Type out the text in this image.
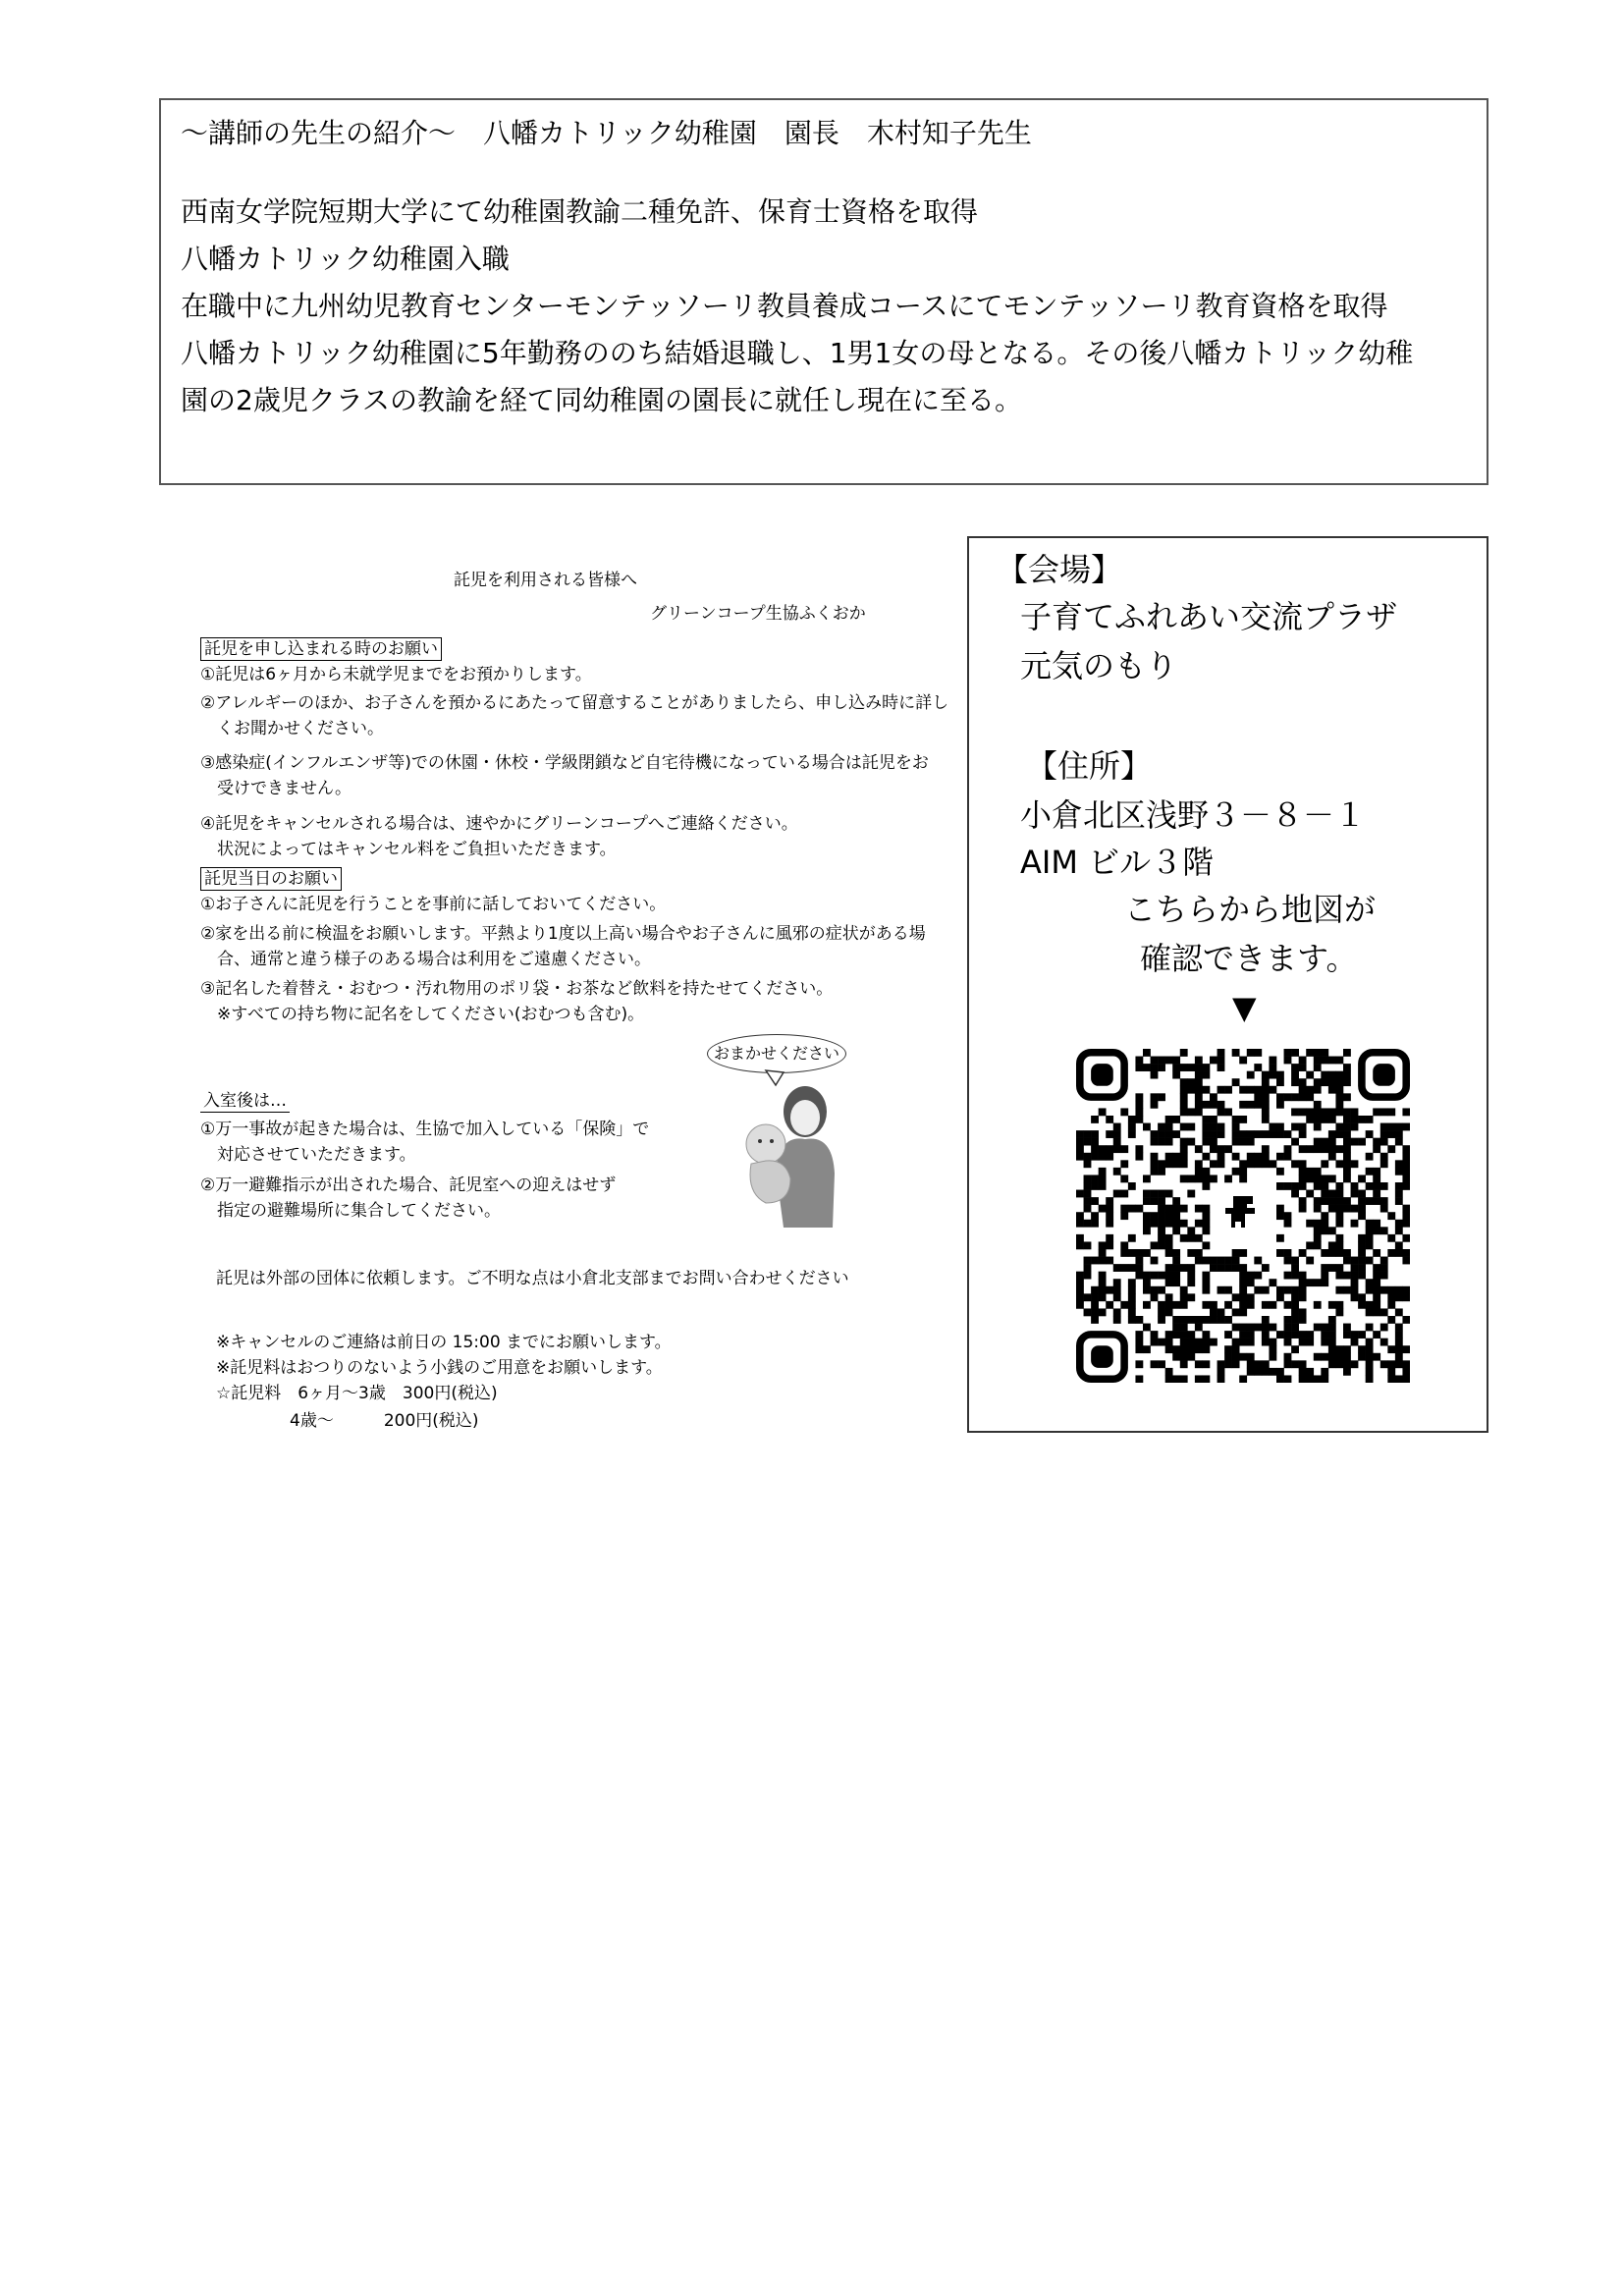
～講師の先生の紹介～　八幡カトリック幼稚園　園長　木村知子先生

西南女学院短期大学にて幼稚園教諭二種免許、保育士資格を取得

八幡カトリック幼稚園入職

在職中に九州幼児教育センターモンテッソーリ教員養成コースにてモンテッソーリ教育資格を取得

八幡カトリック幼稚園に5年勤務ののち結婚退職し、1男1女の母となる。その後八幡カトリック幼稚

園の2歳児クラスの教諭を経て同幼稚園の園長に就任し現在に至る。

託児を利用される皆様へ
グリーンコープ生協ふくおか
託児を申し込まれる時のお願い
①託児は6ヶ月から未就学児までをお預かりします。
②アレルギーのほか、お子さんを預かるにあたって留意することがありましたら、申し込み時に詳し
　くお聞かせください。
③感染症(インフルエンザ等)での休園・休校・学級閉鎖など自宅待機になっている場合は託児をお
　受けできません。
④託児をキャンセルされる場合は、速やかにグリーンコープへご連絡ください。
　状況によってはキャンセル料をご負担いただきます。
託児当日のお願い
①お子さんに託児を行うことを事前に話しておいてください。
②家を出る前に検温をお願いします。平熱より1度以上高い場合やお子さんに風邪の症状がある場
　合、通常と違う様子のある場合は利用をご遠慮ください。
③記名した着替え・おむつ・汚れ物用のポリ袋・お茶など飲料を持たせてください。
　※すべての持ち物に記名をしてください(おむつも含む)。
入室後は…
①万一事故が起きた場合は、生協で加入している「保険」で
　対応させていただきます。
②万一避難指示が出された場合、託児室への迎えはせず
　指定の避難場所に集合してください。
託児は外部の団体に依頼します。ご不明な点は小倉北支部までお問い合わせください
※キャンセルのご連絡は前日の 15:00 までにお願いします。
※託児料はおつりのないよう小銭のご用意をお願いします。
☆託児料　6ヶ月～3歳　300円(税込)
4歳～　　　200円(税込)
おまかせください
【会場】
子育てふれあい交流プラザ
元気のもり
【住所】
小倉北区浅野３－８－１
AIM ビル３階
こちらから地図が
確認できます。
▼
